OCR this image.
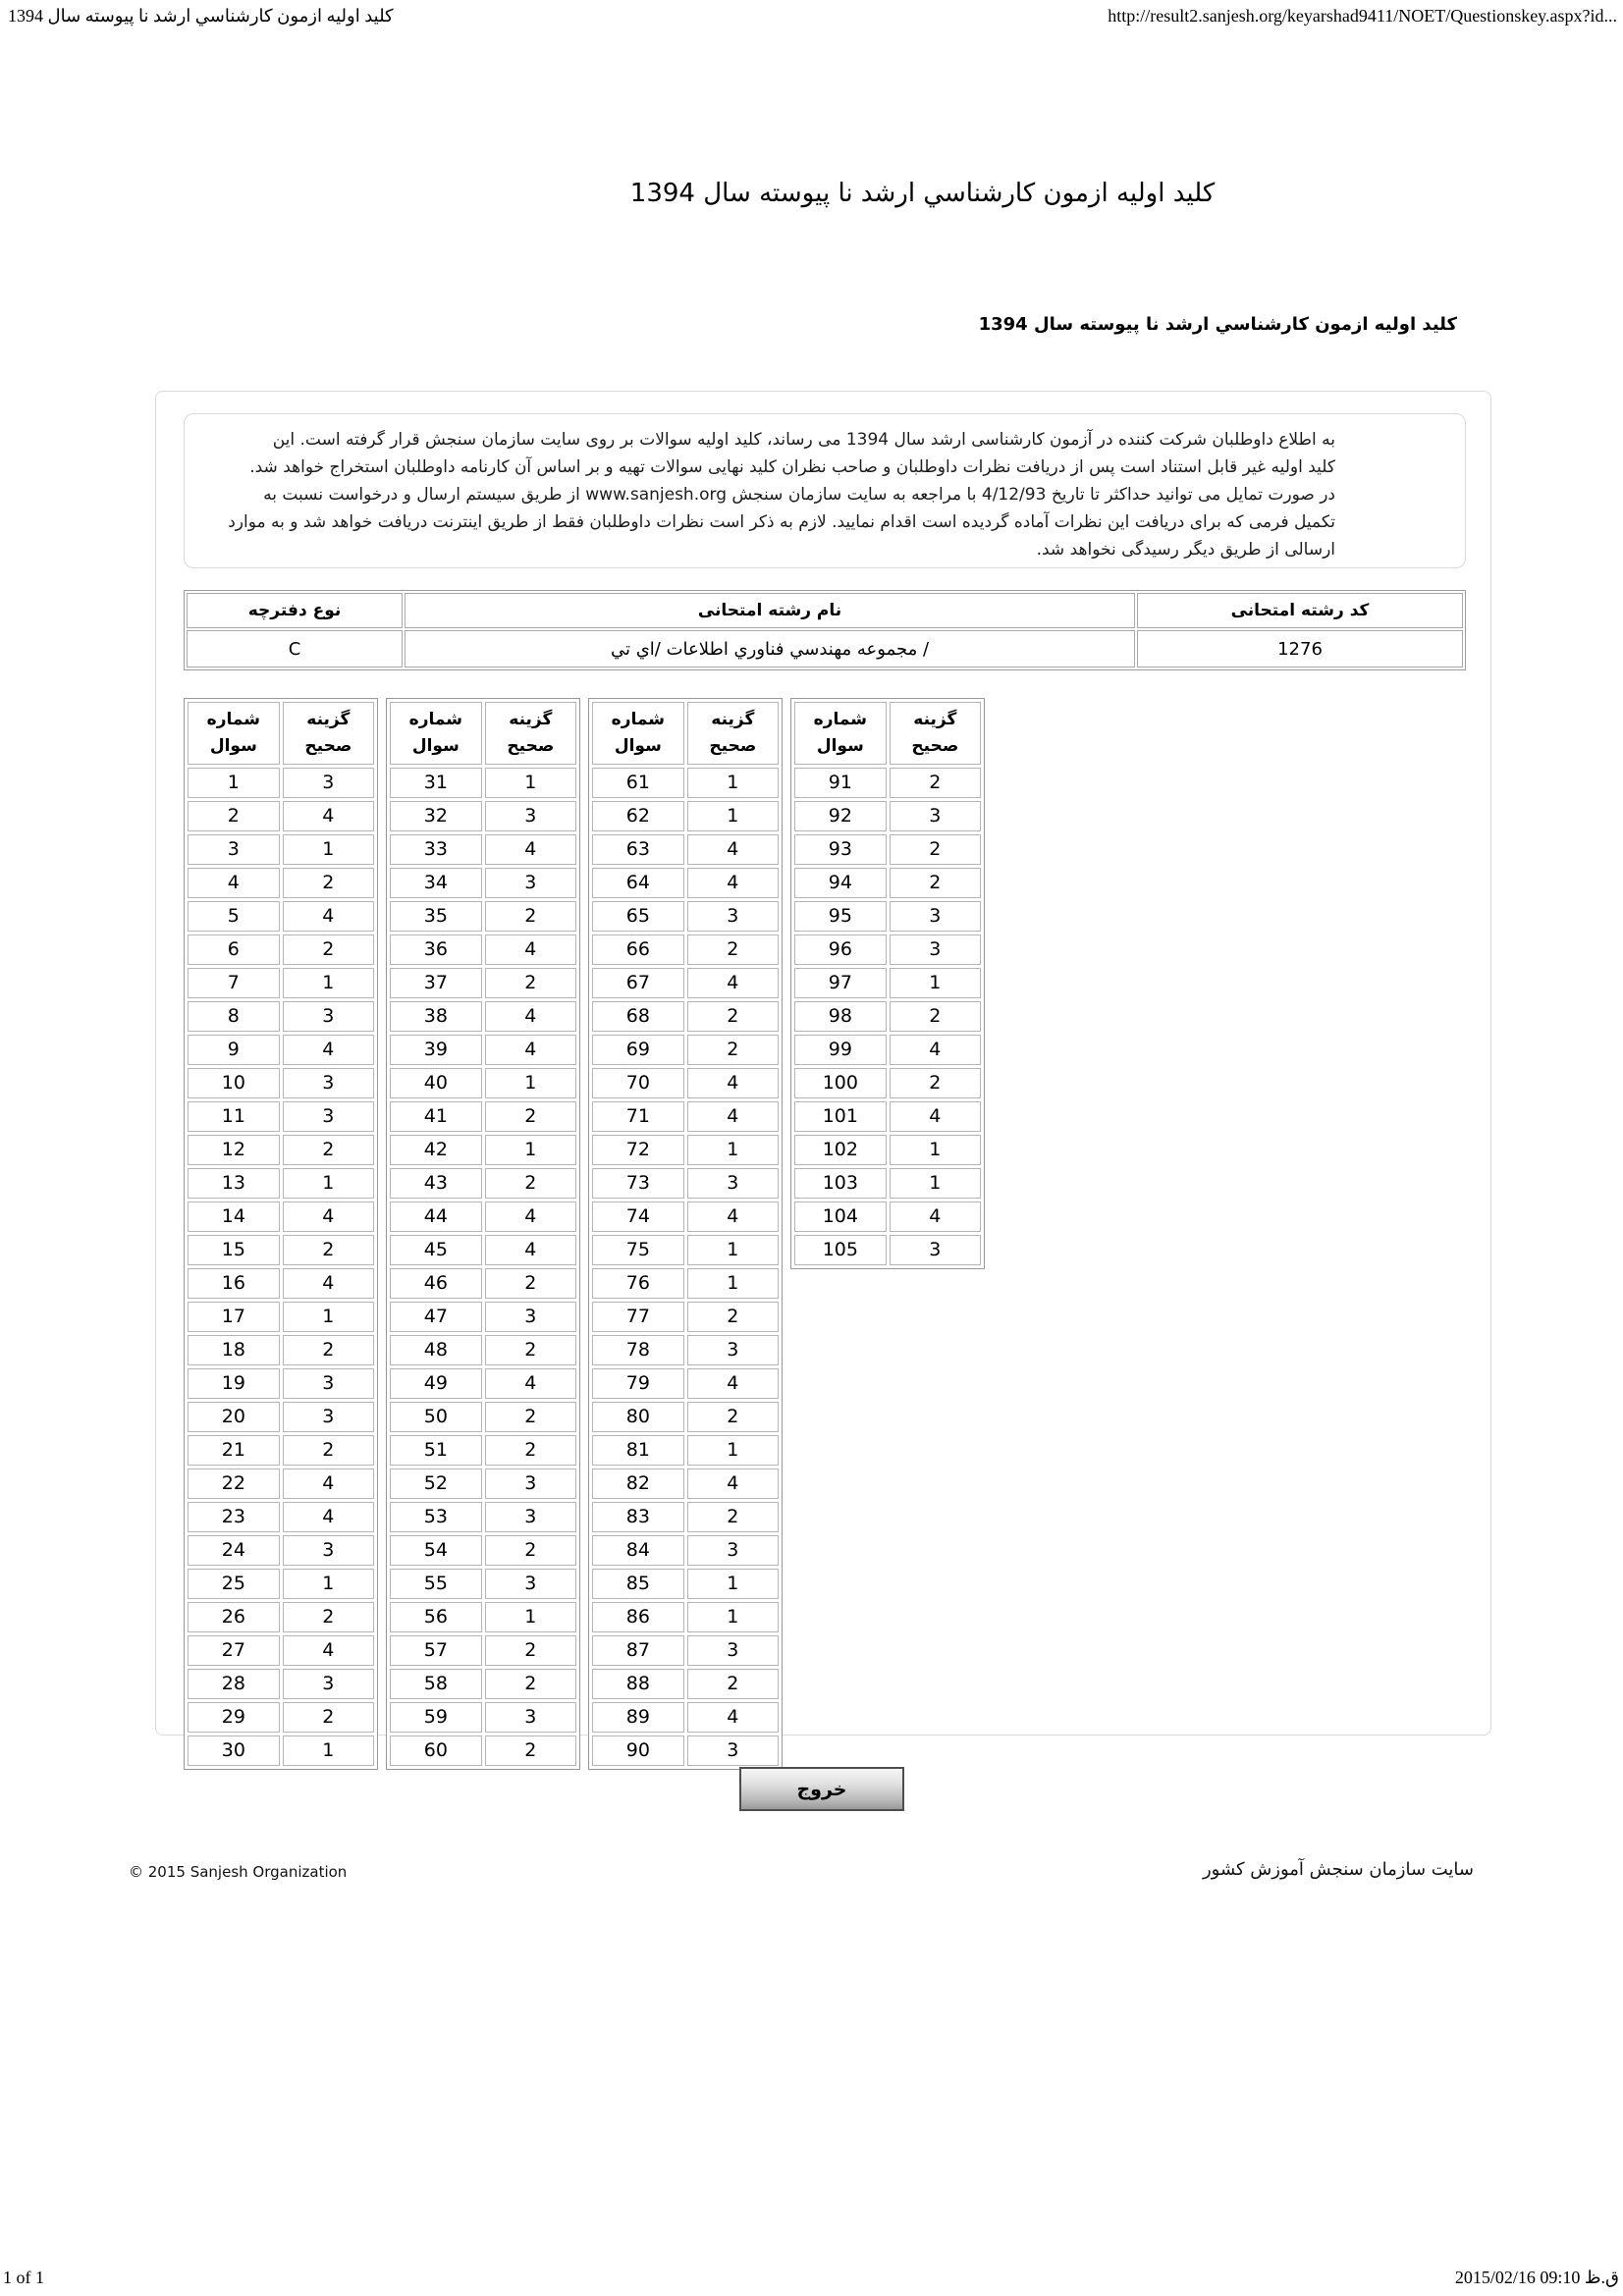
کلید اولیه ازمون کارشناسي ارشد نا پیوسته سال 1394	http://result2.sanjesh.org/keyarshad9411/NOET/Questionskey.aspx?id...
کلید اولیه ازمون کارشناسي ارشد نا پیوسته سال 1394
کلید اولیه ازمون کارشناسي ارشد نا پیوسته سال 1394
به اطلاع داوطلبان شرکت کننده در آزمون کارشناسی ارشد سال 1394 می رساند، کلید اولیه سوالات بر روی سایت سازمان سنجش قرار گرفته است. این
کلید اولیه غیر قابل استناد است پس از دریافت نظرات داوطلبان و صاحب نظران کلید نهایی سوالات تهیه و بر اساس آن کارنامه داوطلبان استخراج خواهد شد.
در صورت تمایل می توانید حداکثر تا تاریخ 4/12/93 با مراجعه به سایت سازمان سنجش www.sanjesh.org از طریق سیستم ارسال و درخواست نسبت به
تکمیل فرمی که برای دریافت این نظرات آماده گردیده است اقدام نمایید. لازم به ذکر است نظرات داوطلبان فقط از طریق اینترنت دریافت خواهد شد و به موارد
ارسالی از طریق دیگر رسیدگی نخواهد شد.
کد رشته امتحانی	نام رشته امتحانی	نوع دفترچه
1276	/ مجموعه مهندسي فناوري اطلاعات /اي تي	C
شماره
سوال

گزینه
صحیح

1	3
2	4
3	1
4	2
5	4
6	2
7	1
8	3
9	4
10	3
11	3
12	2
13	1
14	4
15	2
16	4
17	1
18	2
19	3
20	3
21	2
22	4
23	4
24	3
25	1
26	2
27	4
28	3
29	2
30	1
شماره
سوال

گزینه
صحیح

31	1
32	3
33	4
34	3
35	2
36	4
37	2
38	4
39	4
40	1
41	2
42	1
43	2
44	4
45	4
46	2
47	3
48	2
49	4
50	2
51	2
52	3
53	3
54	2
55	3
56	1
57	2
58	2
59	3
60	2
شماره
سوال

گزینه
صحیح

61	1
62	1
63	4
64	4
65	3
66	2
67	4
68	2
69	2
70	4
71	4
72	1
73	3
74	4
75	1
76	1
77	2
78	3
79	4
80	2
81	1
82	4
83	2
84	3
85	1
86	1
87	3
88	2
89	4
90	3
شماره
سوال

گزینه
صحیح

91	2
92	3
93	2
94	2
95	3
96	3
97	1
98	2
99	4
100	2
101	4
102	1
103	1
104	4
105	3
خروج
© 2015 Sanjesh Organization	سایت سازمان سنجش آموزش کشور
1 of 1	2015/02/16 09:10 ق.ظ
